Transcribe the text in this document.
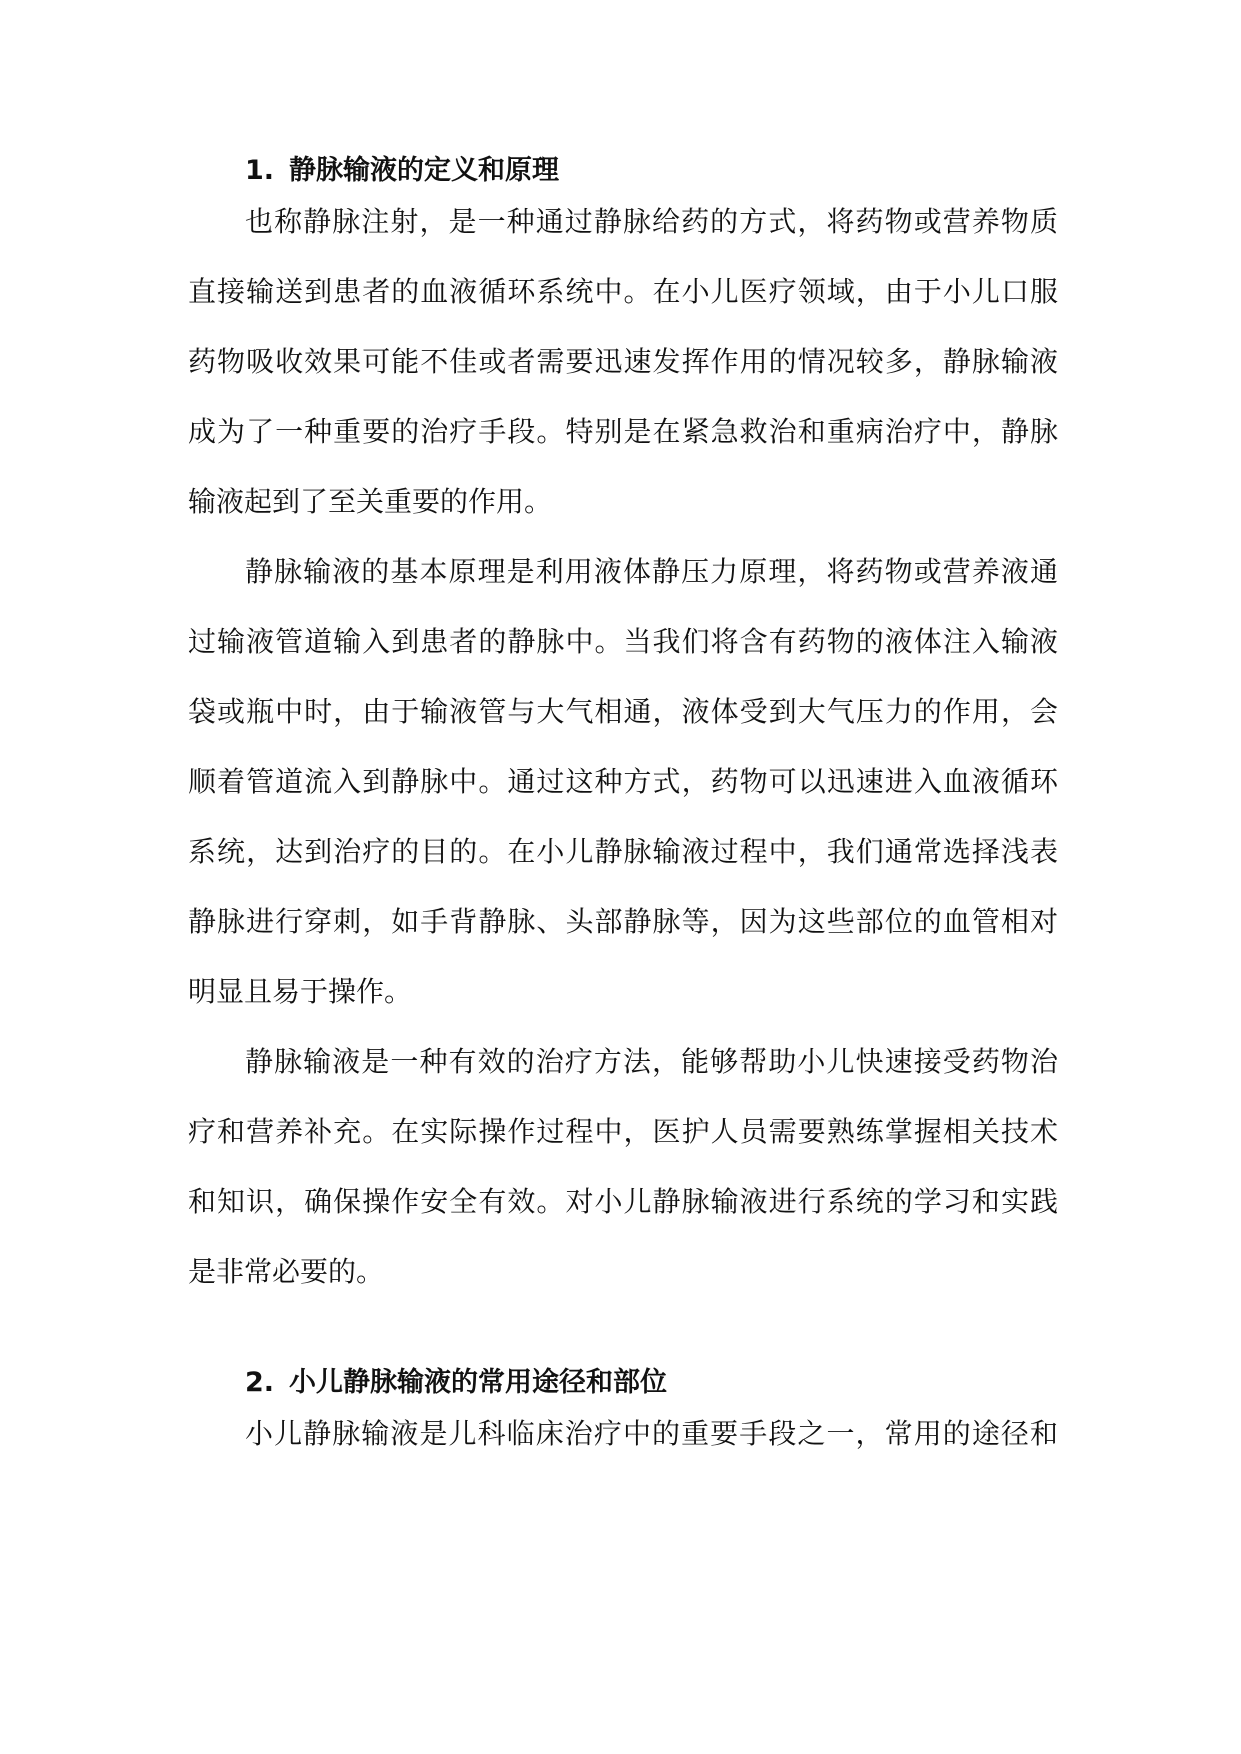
1. 静脉输液的定义和原理
也称静脉注射，是一种通过静脉给药的方式，将药物或营养物质
直接输送到患者的血液循环系统中。在小儿医疗领域，由于小儿口服
药物吸收效果可能不佳或者需要迅速发挥作用的情况较多，静脉输液
成为了一种重要的治疗手段。特别是在紧急救治和重病治疗中，静脉
输液起到了至关重要的作用。
静脉输液的基本原理是利用液体静压力原理，将药物或营养液通
过输液管道输入到患者的静脉中。当我们将含有药物的液体注入输液
袋或瓶中时，由于输液管与大气相通，液体受到大气压力的作用，会
顺着管道流入到静脉中。通过这种方式，药物可以迅速进入血液循环
系统，达到治疗的目的。在小儿静脉输液过程中，我们通常选择浅表
静脉进行穿刺，如手背静脉、头部静脉等，因为这些部位的血管相对
明显且易于操作。
静脉输液是一种有效的治疗方法，能够帮助小儿快速接受药物治
疗和营养补充。在实际操作过程中，医护人员需要熟练掌握相关技术
和知识，确保操作安全有效。对小儿静脉输液进行系统的学习和实践
是非常必要的。
2. 小儿静脉输液的常用途径和部位
小儿静脉输液是儿科临床治疗中的重要手段之一，常用的途径和
